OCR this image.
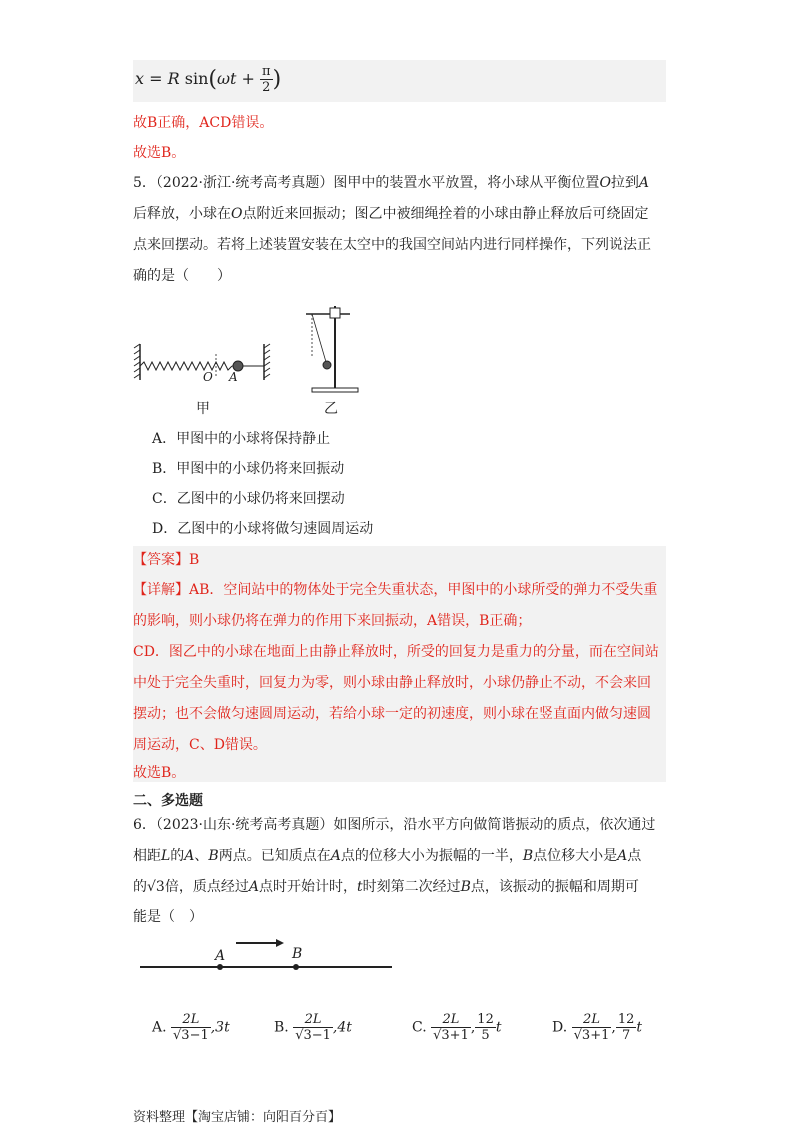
x = R $\sin(\omega t + \frac{\pi}{2}$ )
故B正确，ACD错误。
故选B。
5．（2022·浙江·统考高考真题）图甲中的装置水平放置，将小球从平衡位置O拉到A
后释放，小球在O点附近来回振动；图乙中被细绳拴着的小球由静止释放后可绕固定
点来回摆动。若将上述装置安装在太空中的我国空间站内进行同样操作，下列说法正
确的是（　　）
O A
甲	乙
A．甲图中的小球将保持静止
B．甲图中的小球仍将来回振动
C．乙图中的小球仍将来回摆动
D．乙图中的小球将做匀速圆周运动
【答案】B
【详解】AB．空间站中的物体处于完全失重状态，甲图中的小球所受的弹力不受失重
的影响，则小球仍将在弹力的作用下来回振动，A错误，B正确；
CD．图乙中的小球在地面上由静止释放时，所受的回复力是重力的分量，而在空间站
中处于完全失重时，回复力为零，则小球由静止释放时，小球仍静止不动，不会来回
摆动；也不会做匀速圆周运动，若给小球一定的初速度，则小球在竖直面内做匀速圆
周运动，C、D错误。
故选B。
二、多选题
6．（2023·山东·统考高考真题）如图所示，沿水平方向做简谐振动的质点，依次通过
相距L的A、B两点。已知质点在A点的位移大小为振幅的一半，B点位移大小是A点
的√3倍，质点经过A点时开始计时，t时刻第二次经过B点，该振动的振幅和周期可
能是（　）
A	B
A. $\frac{2L}{√3-1} ,3t$	B. $\frac{2L}{√3-1} ,4t$	C. $\frac{2L}{√3+1}$ , $\frac{12}{5}$ t	D. $\frac{2L}{√3+1}$ , $\frac{12}{7}$ t
资料整理【淘宝店铺：向阳百分百】
